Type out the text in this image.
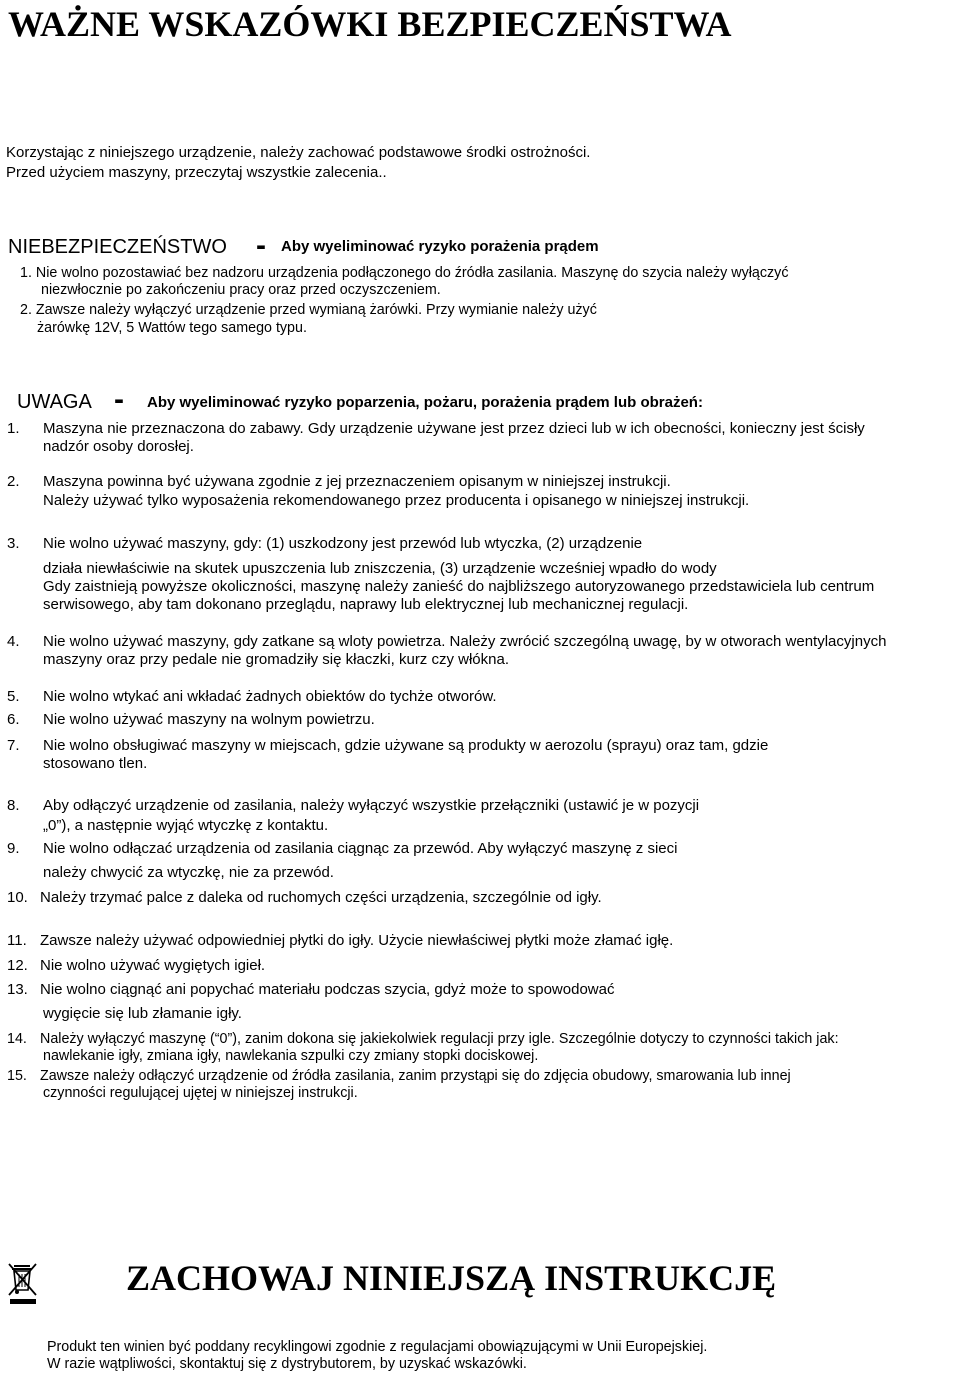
WAŻNE WSKAZÓWKI BEZPIECZEŃSTWA
Korzystając z niniejszego urządzenie, należy zachować podstawowe środki ostrożności.
Przed użyciem maszyny, przeczytaj wszystkie zalecenia..
NIEBEZPIECZEŃSTWO - Aby wyeliminować ryzyko porażenia prądem
1. Nie wolno pozostawiać bez nadzoru urządzenia podłączonego do źródła zasilania. Maszynę do szycia należy wyłączyć
niezwłocznie po zakończeniu pracy oraz przed oczyszczeniem.
2. Zawsze należy wyłączyć urządzenie przed wymianą żarówki. Przy wymianie należy użyć
żarówkę 12V, 5 Wattów tego samego typu.
UWAGA - Aby wyeliminować ryzyko poparzenia, pożaru, porażenia prądem lub obrażeń:
1. Maszyna nie przeznaczona do zabawy. Gdy urządzenie używane jest przez dzieci lub w ich obecności, konieczny jest ścisły
nadzór osoby dorosłej.
2. Maszyna powinna być używana zgodnie z jej przeznaczeniem opisanym w niniejszej instrukcji.
Należy używać tylko wyposażenia rekomendowanego przez producenta i opisanego w niniejszej instrukcji.
3. Nie wolno używać maszyny, gdy: (1) uszkodzony jest przewód lub wtyczka, (2) urządzenie
działa niewłaściwie na skutek upuszczenia lub zniszczenia, (3) urządzenie wcześniej wpadło do wody
Gdy zaistnieją powyższe okoliczności, maszynę należy zanieść do najbliższego autoryzowanego przedstawiciela lub centrum
serwisowego, aby tam dokonano przeglądu, naprawy lub elektrycznej lub mechanicznej regulacji.
4. Nie wolno używać maszyny, gdy zatkane są wloty powietrza. Należy zwrócić szczególną uwagę, by w otworach wentylacyjnych
maszyny oraz przy pedale nie gromadziły się kłaczki, kurz czy włókna.
5. Nie wolno wtykać ani wkładać żadnych obiektów do tychże otworów.
6. Nie wolno używać maszyny na wolnym powietrzu.
7. Nie wolno obsługiwać maszyny w miejscach, gdzie używane są produkty w aerozolu (sprayu) oraz tam, gdzie
stosowano tlen.
8. Aby odłączyć urządzenie od zasilania, należy wyłączyć wszystkie przełączniki (ustawić je w pozycji
„0”), a następnie wyjąć wtyczkę z kontaktu.
9. Nie wolno odłączać urządzenia od zasilania ciągnąc za przewód. Aby wyłączyć maszynę z sieci
należy chwycić za wtyczkę, nie za przewód.
10. Należy trzymać palce z daleka od ruchomych części urządzenia, szczególnie od igły.
11. Zawsze należy używać odpowiedniej płytki do igły. Użycie niewłaściwej płytki może złamać igłę.
12. Nie wolno używać wygiętych igieł.
13. Nie wolno ciągnąć ani popychać materiału podczas szycia, gdyż może to spowodować
wygięcie się lub złamanie igły.
14. Należy wyłączyć maszynę (“0”), zanim dokona się jakiekolwiek regulacji przy igle. Szczególnie dotyczy to czynności takich jak:
nawlekanie igły, zmiana igły, nawlekania szpulki czy zmiany stopki dociskowej.
15. Zawsze należy odłączyć urządzenie od źródła zasilania, zanim przystąpi się do zdjęcia obudowy, smarowania lub innej
czynności regulującej ujętej w niniejszej instrukcji.
ZACHOWAJ NINIEJSZĄ INSTRUKCJĘ
Produkt ten winien być poddany recyklingowi zgodnie z regulacjami obowiązującymi w Unii Europejskiej.
W razie wątpliwości, skontaktuj się z dystrybutorem, by uzyskać wskazówki.
